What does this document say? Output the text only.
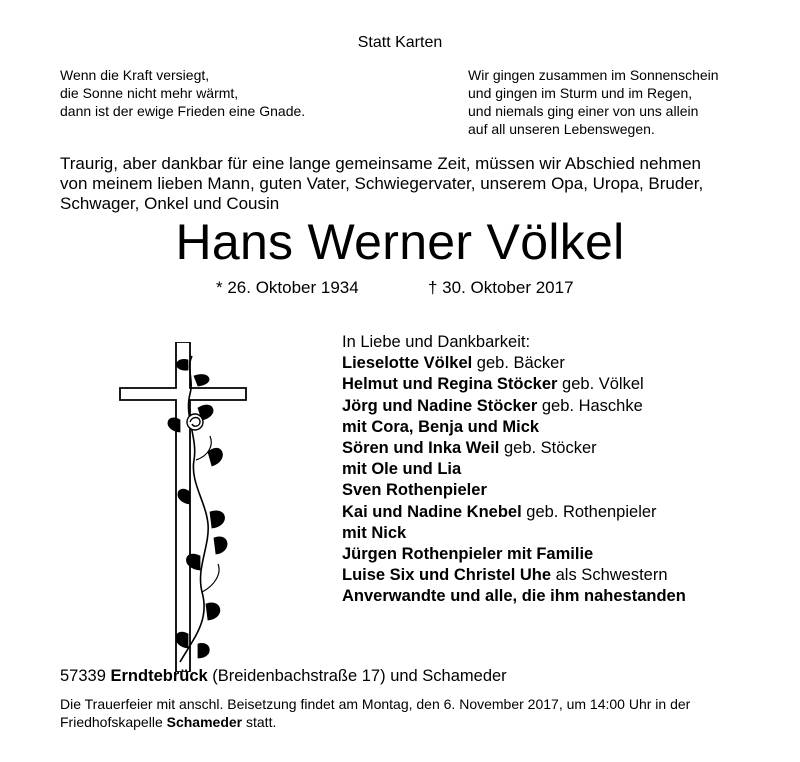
Statt Karten
Wenn die Kraft versiegt,
die Sonne nicht mehr wärmt,
dann ist der ewige Frieden eine Gnade.
Wir gingen zusammen im Sonnenschein
und gingen im Sturm und im Regen,
und niemals ging einer von uns allein
auf all unseren Lebenswegen.
Traurig, aber dankbar für eine lange gemeinsame Zeit, müssen wir Abschied nehmen
von meinem lieben Mann, guten Vater, Schwiegervater, unserem Opa, Uropa, Bruder,
Schwager, Onkel und Cousin
Hans Werner Völkel
* 26. Oktober 1934	† 30. Oktober 2017
In Liebe und Dankbarkeit:
Lieselotte Völkel geb. Bäcker
Helmut und Regina Stöcker geb. Völkel
Jörg und Nadine Stöcker geb. Haschke
mit Cora, Benja und Mick
Sören und Inka Weil geb. Stöcker
mit Ole und Lia
Sven Rothenpieler
Kai und Nadine Knebel geb. Rothenpieler
mit Nick
Jürgen Rothenpieler mit Familie
Luise Six und Christel Uhe als Schwestern
Anverwandte und alle, die ihm nahestanden
57339 Erndtebrück (Breidenbachstraße 17) und Schameder
Die Trauerfeier mit anschl. Beisetzung findet am Montag, den 6. November 2017, um 14:00 Uhr in der
Friedhofskapelle Schameder statt.
